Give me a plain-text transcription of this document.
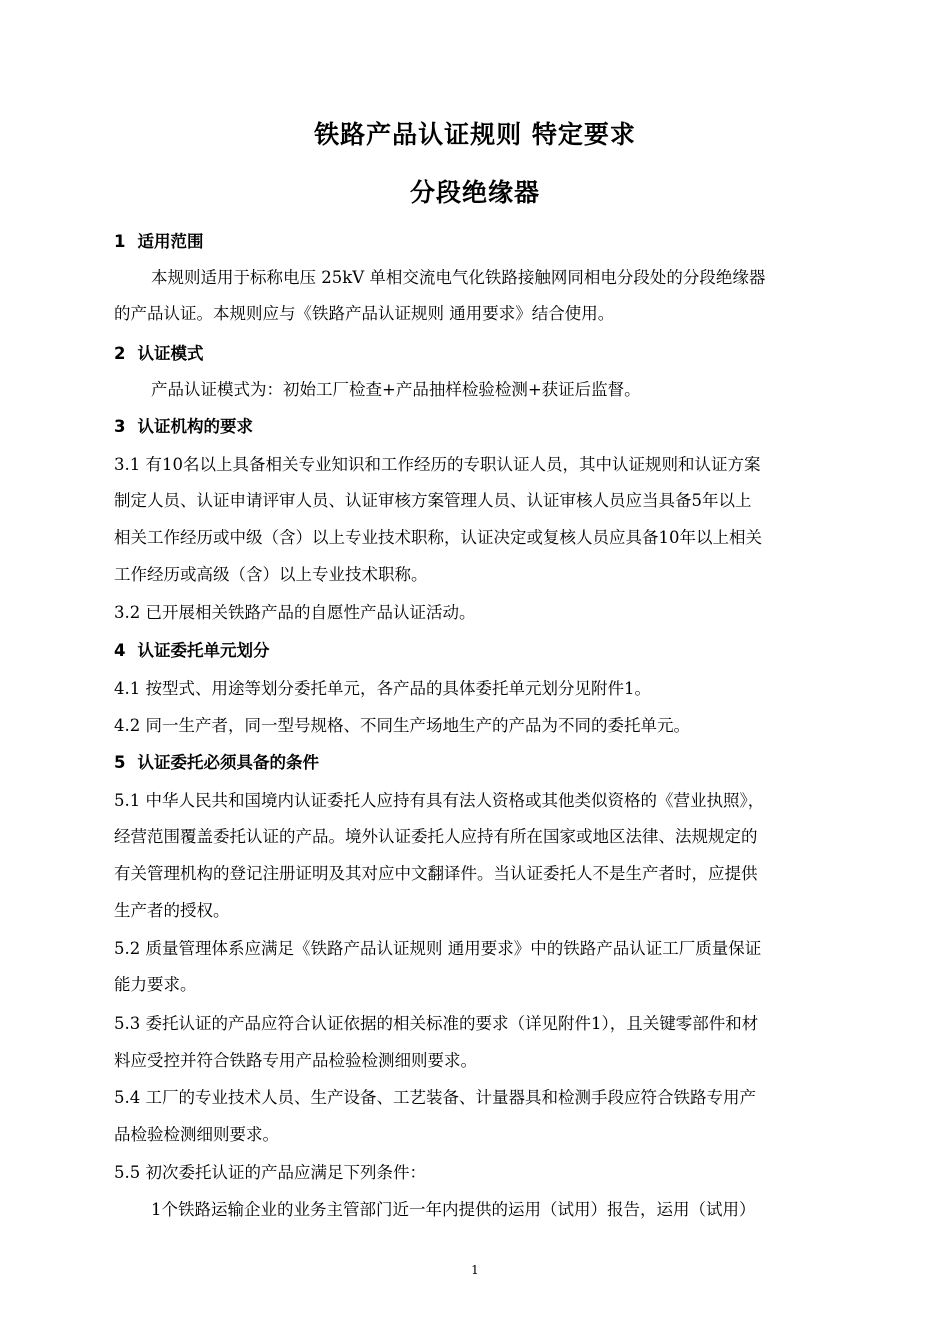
铁路产品认证规则 特定要求
分段绝缘器
1 适用范围
本规则适用于标称电压 25kV 单相交流电气化铁路接触网同相电分段处的分段绝缘器
的产品认证。本规则应与《铁路产品认证规则 通用要求》结合使用。
2 认证模式
产品认证模式为：初始工厂检查+产品抽样检验检测+获证后监督。
3 认证机构的要求
3.1 有10名以上具备相关专业知识和工作经历的专职认证人员，其中认证规则和认证方案
制定人员、认证申请评审人员、认证审核方案管理人员、认证审核人员应当具备5年以上
相关工作经历或中级（含）以上专业技术职称，认证决定或复核人员应具备10年以上相关
工作经历或高级（含）以上专业技术职称。
3.2 已开展相关铁路产品的自愿性产品认证活动。
4 认证委托单元划分
4.1 按型式、用途等划分委托单元，各产品的具体委托单元划分见附件1。
4.2 同一生产者，同一型号规格、不同生产场地生产的产品为不同的委托单元。
5 认证委托必须具备的条件
5.1 中华人民共和国境内认证委托人应持有具有法人资格或其他类似资格的《营业执照》，
经营范围覆盖委托认证的产品。境外认证委托人应持有所在国家或地区法律、法规规定的
有关管理机构的登记注册证明及其对应中文翻译件。当认证委托人不是生产者时，应提供
生产者的授权。
5.2 质量管理体系应满足《铁路产品认证规则 通用要求》中的铁路产品认证工厂质量保证
能力要求。
5.3 委托认证的产品应符合认证依据的相关标准的要求（详见附件1），且关键零部件和材
料应受控并符合铁路专用产品检验检测细则要求。
5.4 工厂的专业技术人员、生产设备、工艺装备、计量器具和检测手段应符合铁路专用产
品检验检测细则要求。
5.5 初次委托认证的产品应满足下列条件：
1个铁路运输企业的业务主管部门近一年内提供的运用（试用）报告，运用（试用）
1
